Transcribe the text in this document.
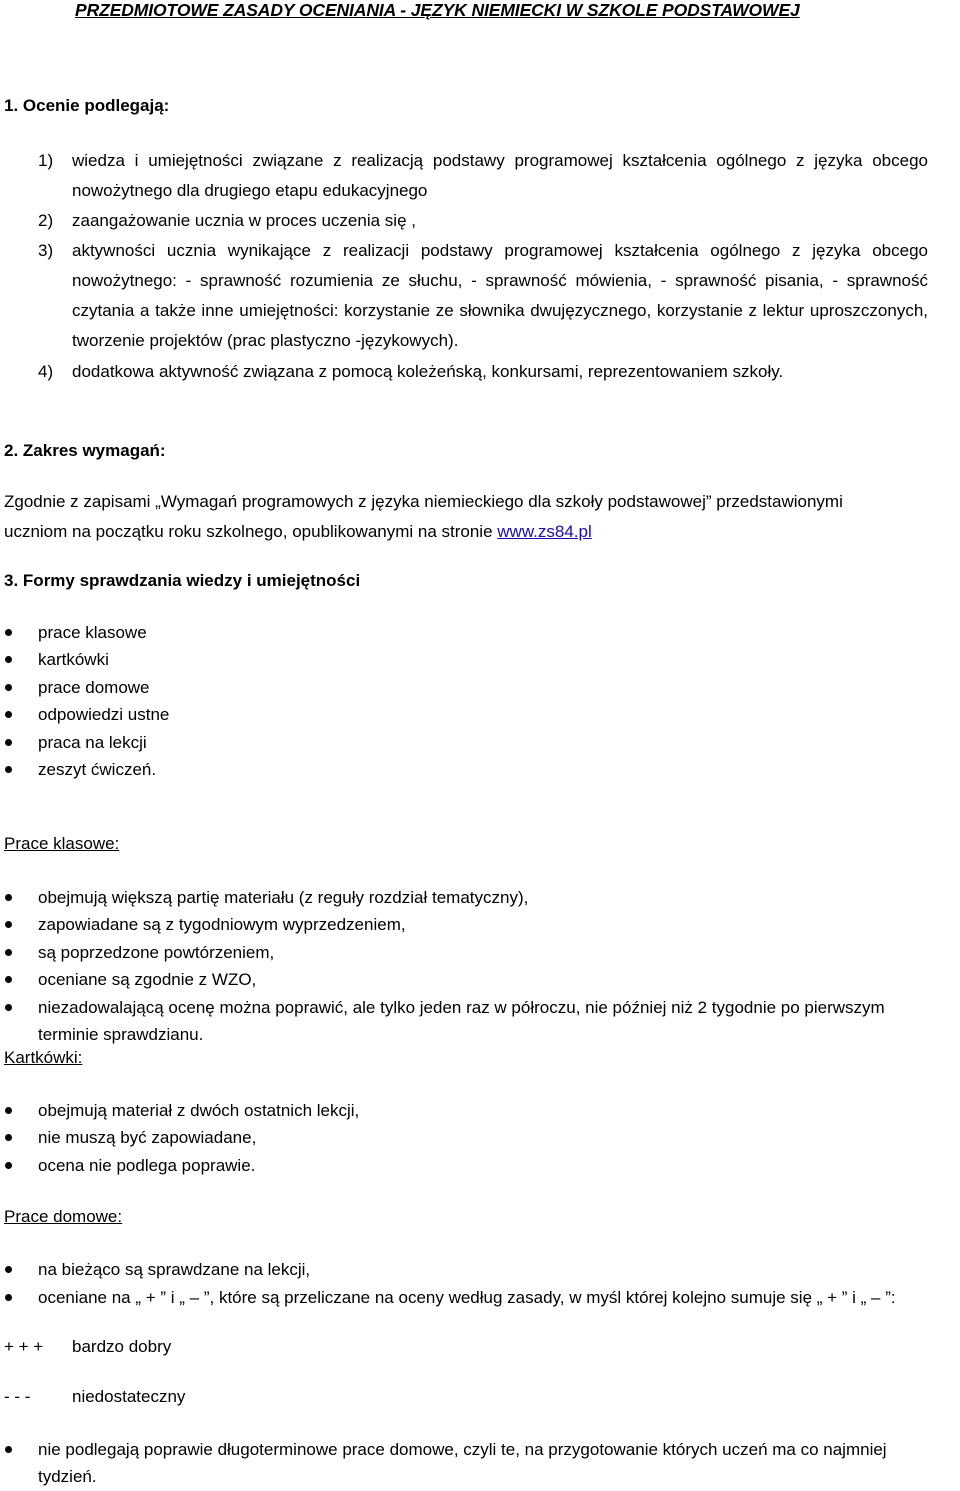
PRZEDMIOTOWE ZASADY OCENIANIA - JĘZYK NIEMIECKI W SZKOLE PODSTAWOWEJ

1. Ocenie podlegają:

1)	wiedza i umiejętności związane z realizacją podstawy programowej kształcenia ogólnego z języka obcego nowożytnego dla drugiego etapu edukacyjnego
2)	zaangażowanie ucznia w proces uczenia się ,
3)	aktywności ucznia wynikające z realizacji podstawy programowej kształcenia ogólnego z języka obcego nowożytnego: - sprawność rozumienia ze słuchu, - sprawność mówienia, - sprawność pisania, - sprawność czytania a także inne umiejętności: korzystanie ze słownika dwujęzycznego, korzystanie z lektur uproszczonych, tworzenie projektów (prac plastyczno -językowych).
4)	dodatkowa aktywność związana z pomocą koleżeńską, konkursami, reprezentowaniem szkoły.

2. Zakres wymagań:

Zgodnie z zapisami „Wymagań programowych z języka niemieckiego dla szkoły podstawowej” przedstawionymi uczniom na początku roku szkolnego, opublikowanymi na stronie www.zs84.pl

3. Formy sprawdzania wiedzy i umiejętności

prace klasowe

kartkówki

prace domowe

odpowiedzi ustne

praca na lekcji

zeszyt ćwiczeń.

Prace klasowe:

obejmują większą partię materiału (z reguły rozdział tematyczny),

zapowiadane są z tygodniowym wyprzedzeniem,

są poprzedzone powtórzeniem,

oceniane są zgodnie z WZO,

niezadowalającą ocenę można poprawić, ale tylko jeden raz w półroczu, nie później niż 2 tygodnie po pierwszym terminie sprawdzianu.

Kartkówki:

obejmują materiał z dwóch ostatnich lekcji,

nie muszą być zapowiadane,

ocena nie podlega poprawie.

Prace domowe:

na bieżąco są sprawdzane na lekcji,

oceniane na „ + ” i „ – ”, które są przeliczane na oceny według zasady, w myśl której kolejno sumuje się „ + ” i „ – ”:

+ + + bardzo dobry

- - - niedostateczny

nie podlegają poprawie długoterminowe prace domowe, czyli te, na przygotowanie których uczeń ma co najmniej tydzień.
